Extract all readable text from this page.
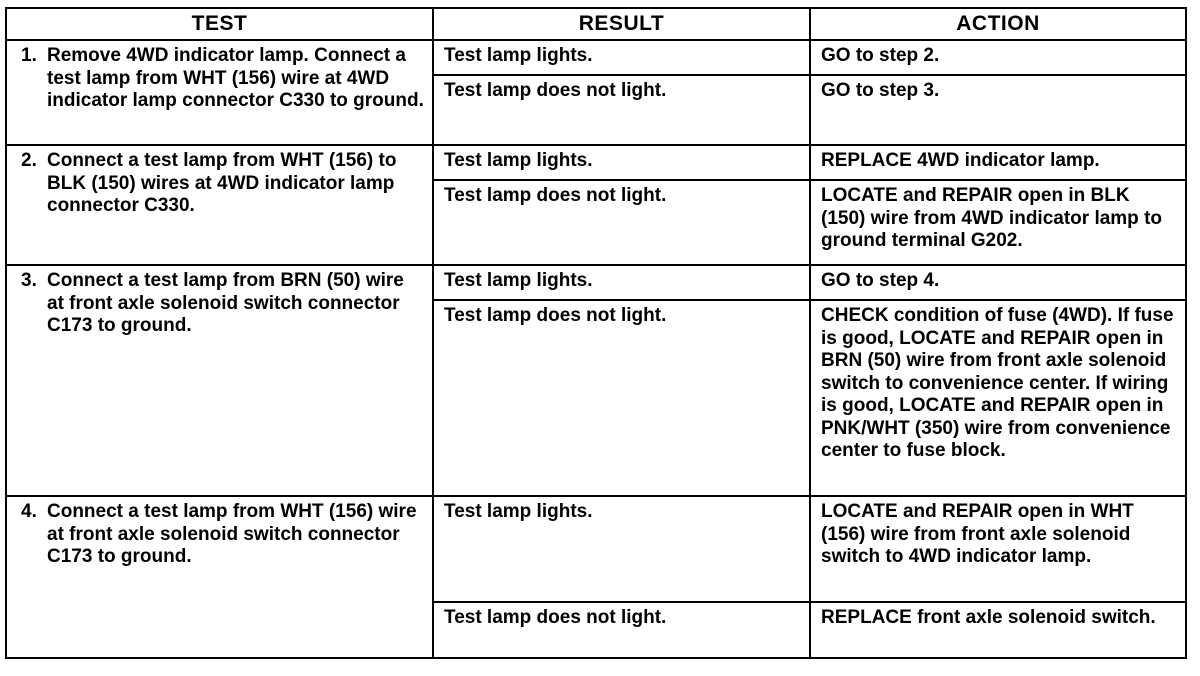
TEST	RESULT	ACTION

1. Remove 4WD indicator lamp. Connect a test lamp from WHT (156) wire at 4WD indicator lamp connector C330 to ground.	Test lamp lights.	GO to step 2.
	Test lamp does not light.	GO to step 3.

2. Connect a test lamp from WHT (156) to BLK (150) wires at 4WD indicator lamp connector C330.	Test lamp lights.	REPLACE 4WD indicator lamp.
	Test lamp does not light.	LOCATE and REPAIR open in BLK (150) wire from 4WD indicator lamp to ground terminal G202.

3. Connect a test lamp from BRN (50) wire at front axle solenoid switch connector C173 to ground.	Test lamp lights.	GO to step 4.
	Test lamp does not light.	CHECK condition of fuse (4WD). If fuse is good, LOCATE and REPAIR open in BRN (50) wire from front axle solenoid switch to convenience center. If wiring is good, LOCATE and REPAIR open in PNK/WHT (350) wire from convenience center to fuse block.

4. Connect a test lamp from WHT (156) wire at front axle solenoid switch connector C173 to ground.	Test lamp lights.	LOCATE and REPAIR open in WHT (156) wire from front axle solenoid switch to 4WD indicator lamp.
	Test lamp does not light.	REPLACE front axle solenoid switch.
